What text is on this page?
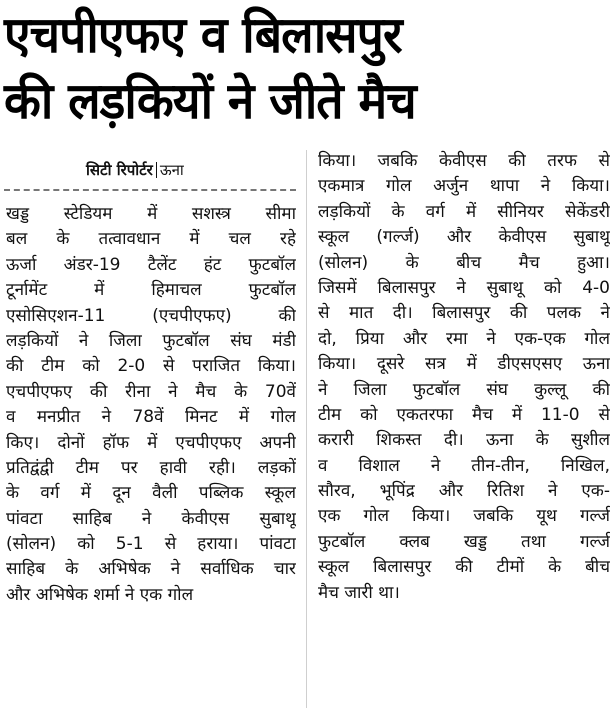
एचपीएफए व बिलासपुर
की लड़कियों ने जीते मैच
सिटी रिपोर्टर ऊना
खड्ड स्टेडियम में सशस्त्र सीमा
बल के तत्वावधान में चल रहे
ऊर्जा अंडर-19 टैलेंट हंट फुटबॉल
टूर्नामेंट में हिमाचल फुटबॉल
एसोसिएशन-11 (एचपीएफए) की
लड़कियों ने जिला फुटबॉल संघ मंडी
की टीम को 2-0 से पराजित किया।
एचपीएफए की रीना ने मैच के 70वें
व मनप्रीत ने 78वें मिनट में गोल
किए। दोनों हॉफ में एचपीएफए अपनी
प्रतिद्वंद्वी टीम पर हावी रही। लड़कों
के वर्ग में दून वैली पब्लिक स्कूल
पांवटा साहिब ने केवीएस सुबाथू
(सोलन) को 5-1 से हराया। पांवटा
साहिब के अभिषेक ने सर्वाधिक चार
और अभिषेक शर्मा ने एक गोल
किया। जबकि केवीएस की तरफ से
एकमात्र गोल अर्जुन थापा ने किया।
लड़कियों के वर्ग में सीनियर सेकेंडरी
स्कूल (गर्ल्ज) और केवीएस सुबाथू
(सोलन) के बीच मैच हुआ।
जिसमें बिलासपुर ने सुबाथू को 4-0
से मात दी। बिलासपुर की पलक ने
दो, प्रिया और रमा ने एक-एक गोल
किया। दूसरे सत्र में डीएसएसए ऊना
ने जिला फुटबॉल संघ कुल्लू की
टीम को एकतरफा मैच में 11-0 से
करारी शिकस्त दी। ऊना के सुशील
व विशाल ने तीन-तीन, निखिल,
सौरव, भूपिंद्र और रितिश ने एक-
एक गोल किया। जबकि यूथ गर्ल्ज
फुटबॉल क्लब खड्ड तथा गर्ल्ज
स्कूल बिलासपुर की टीमों के बीच
मैच जारी था।
